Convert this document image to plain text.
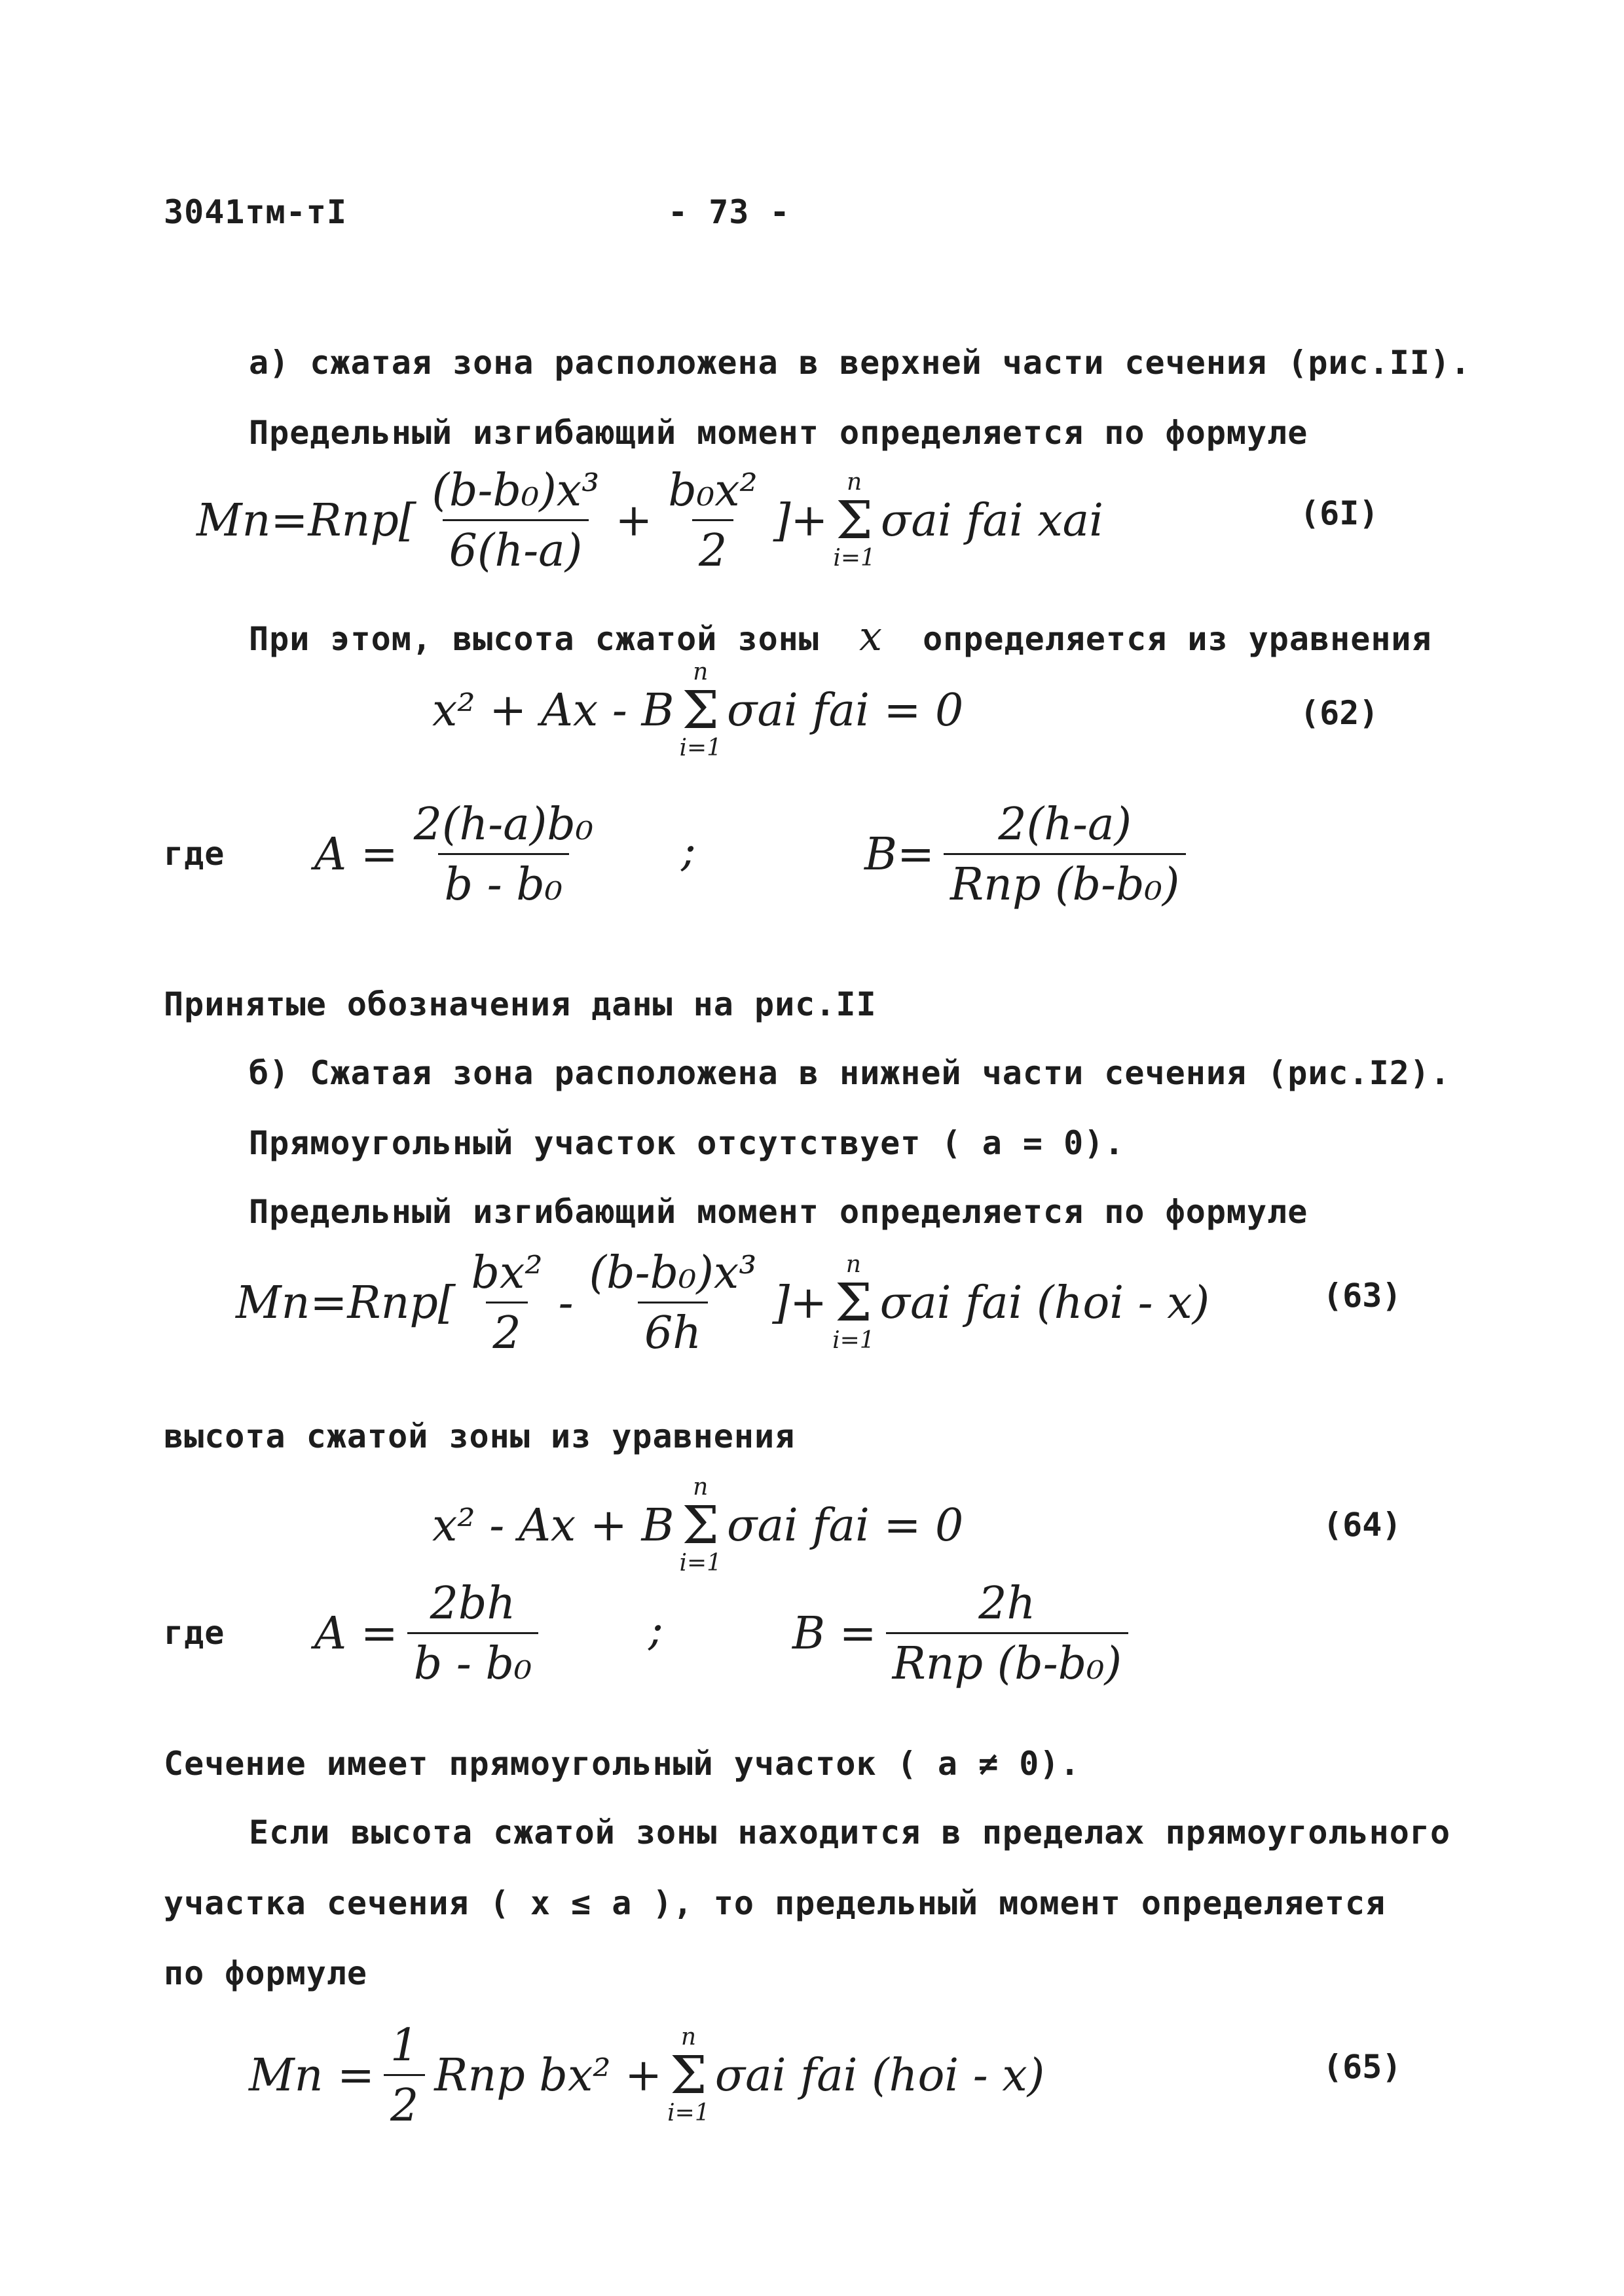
3041тм-тI	- 73 -
а) сжатая зона расположена в верхней части сечения (рис.II).
Предельный изгибающий момент определяется по формуле
$Mп=Rпр[ \frac{\text{(b-b₀)x³}}{6(h-a)} + \frac{\text{b₀x²}}{2}$ ]+
n
Σ
i=1
σai fai xai	(6I)
При этом, высота сжатой зоны x определяется из уравнения
x² + Ax - B
n
Σ
i=1
σai fai = 0	(62)
где $A = \frac{\text{2(h-a)b₀}}{\text{b - b₀}}$ ;	$B= \frac{2(h-a)}{\text{Rпр (b-b₀)}}$
Принятые обозначения даны на рис.II
б) Сжатая зона расположена в нижней части сечения (рис.I2).
Прямоугольный участок отсутствует ( a = 0).
Предельный изгибающий момент определяется по формуле
$Mп=Rпр[ \frac{\text{bx²}}{2} - \frac{\text{(b-b₀)x³}}{6h}$ ]+
n
Σ
i=1
σai fai (hoi - x)	(63)
высота сжатой зоны из уравнения
x² - Ax + B
n
Σ
i=1
σai fai = 0	(64)
где $A = \frac{2bh}{\text{b - b₀}}$ ;	$B = \frac{2h}{\text{Rпр (b-b₀)}}$
Сечение имеет прямоугольный участок ( a ≠ 0).
Если высота сжатой зоны находится в пределах прямоугольного
участка сечения ( x ≤ a ), то предельный момент определяется
по формуле
Mп = $\frac{1}{2}$ Rпр bx² +
n
Σ
i=1
σai fai (hoi - x)	(65)
